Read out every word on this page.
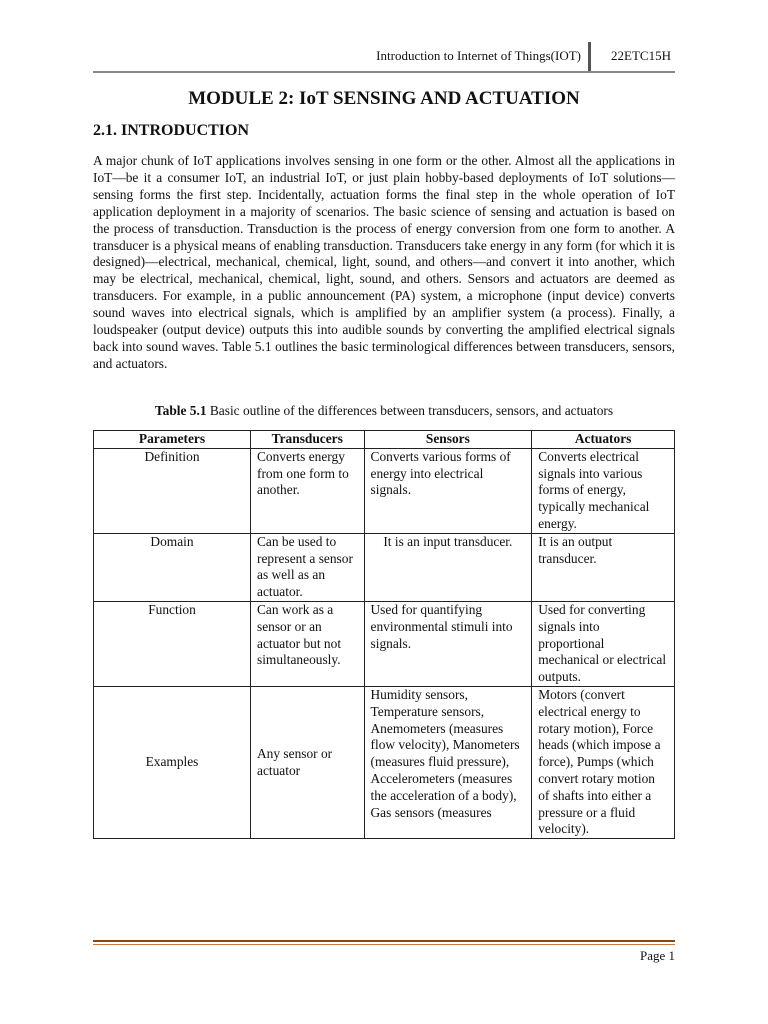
Introduction to Internet of Things(IOT) 22ETC15H
MODULE 2: IoT SENSING AND ACTUATION
2.1. INTRODUCTION

A major chunk of IoT applications involves sensing in one form or the other. Almost all the applications in IoT—be it a consumer IoT, an industrial IoT, or just plain hobby-based deployments of IoT solutions—sensing forms the first step. Incidentally, actuation forms the final step in the whole operation of IoT application deployment in a majority of scenarios. The basic science of sensing and actuation is based on the process of transduction. Transduction is the process of energy conversion from one form to another. A transducer is a physical means of enabling transduction. Transducers take energy in any form (for which it is designed)—electrical, mechanical, chemical, light, sound, and others—and convert it into another, which may be electrical, mechanical, chemical, light, sound, and others. Sensors and actuators are deemed as transducers. For example, in a public announcement (PA) system, a microphone (input device) converts sound waves into electrical signals, which is amplified by an amplifier system (a process). Finally, a loudspeaker (output device) outputs this into audible sounds by converting the amplified electrical signals back into sound waves. Table 5.1 outlines the basic terminological differences between transducers, sensors, and actuators.

Table 5.1 Basic outline of the differences between transducers, sensors, and actuators
Parameters	Transducers	Sensors	Actuators
Definition	Converts energy from one form to another.	Converts various forms of energy into electrical signals.	Converts electrical signals into various forms of energy, typically mechanical energy.
Domain	Can be used to represent a sensor as well as an actuator.	It is an input transducer.	It is an output transducer.
Function	Can work as a sensor or an actuator but not simultaneously.	Used for quantifying environmental stimuli into signals.	Used for converting signals into proportional mechanical or electrical outputs.
Examples	Any sensor or actuator	Humidity sensors, Temperature sensors, Anemometers (measures flow velocity), Manometers (measures fluid pressure), Accelerometers (measures the acceleration of a body), Gas sensors (measures	Motors (convert electrical energy to rotary motion), Force heads (which impose a force), Pumps (which convert rotary motion of shafts into either a pressure or a fluid velocity).
Page 1
